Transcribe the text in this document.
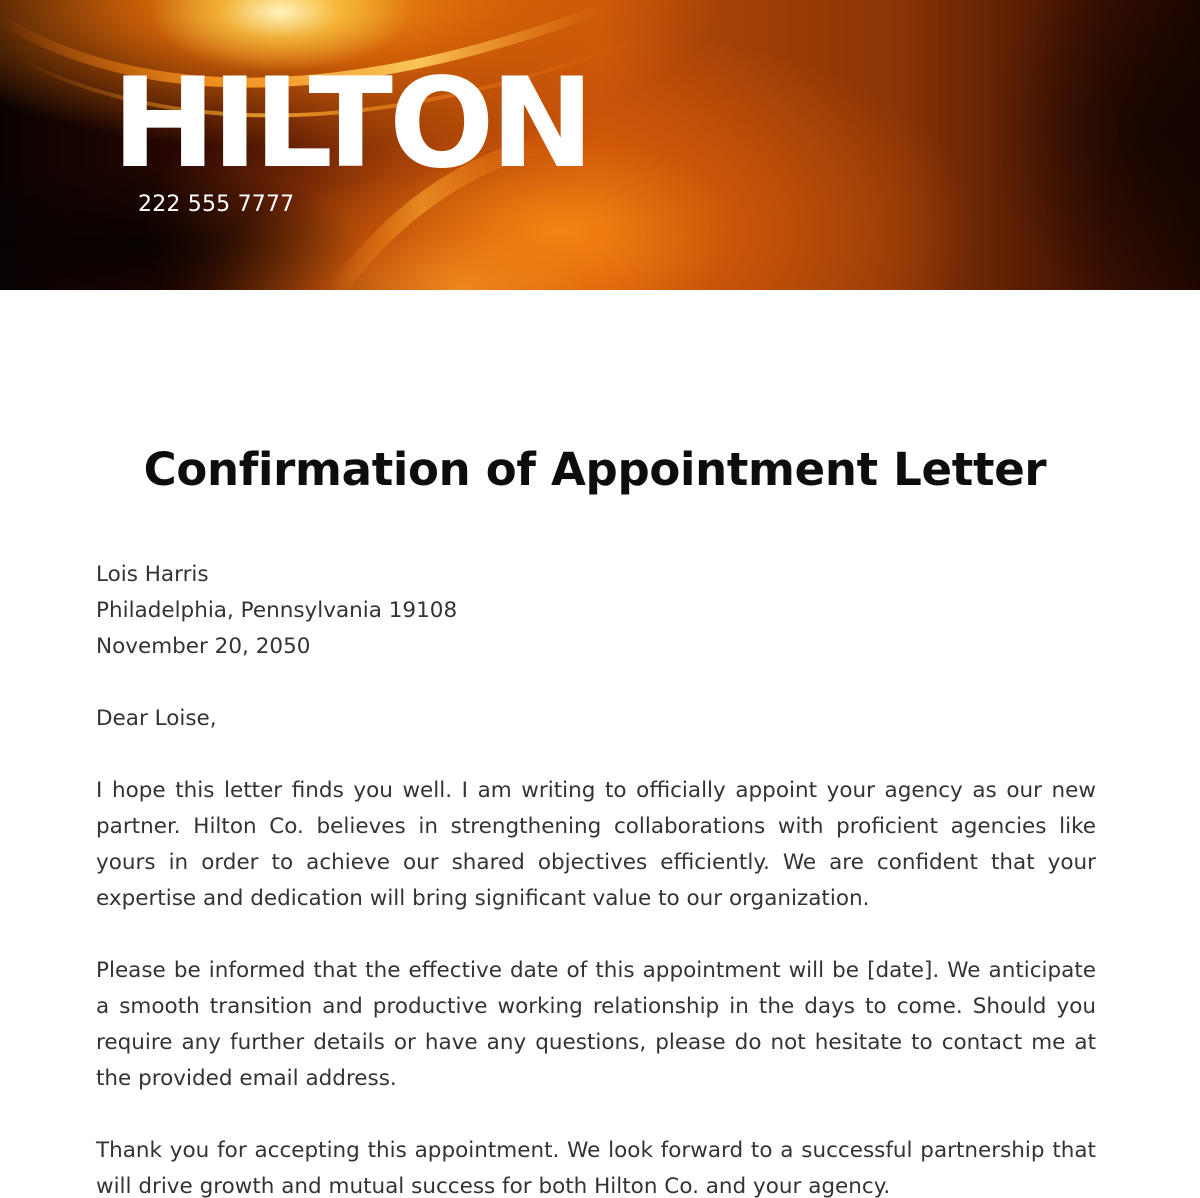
HILTON
222 555 7777
Confirmation of Appointment Letter
Lois Harris
Philadelphia, Pennsylvania 19108
November 20, 2050

Dear Loise,

I hope this letter finds you well. I am writing to officially appoint your agency as our new partner. Hilton Co. believes in strengthening collaborations with proficient agencies like yours in order to achieve our shared objectives efficiently. We are confident that your expertise and dedication will bring significant value to our organization.

Please be informed that the effective date of this appointment will be [date]. We anticipate a smooth transition and productive working relationship in the days to come. Should you require any further details or have any questions, please do not hesitate to contact me at the provided email address.

Thank you for accepting this appointment. We look forward to a successful partnership that will drive growth and mutual success for both Hilton Co. and your agency.
